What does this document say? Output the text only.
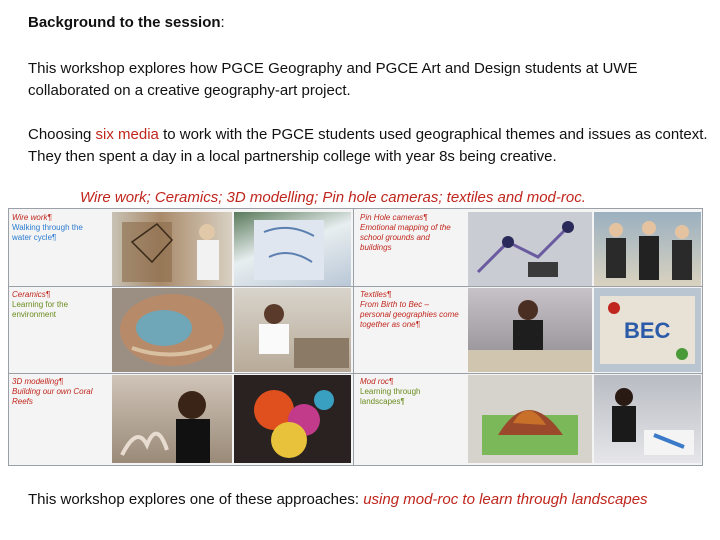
Background to the session:
This workshop explores how PGCE Geography and PGCE Art and Design students at UWE collaborated on a creative geography-art project.
Choosing six media to work with the PGCE students used geographical themes and issues as context. They then spent a day in a local partnership college with year 8s being creative.
Wire work; Ceramics; 3D modelling; Pin hole cameras; textiles and mod-roc.
Wire work¶
Walking through the water cycle¶
Pin Hole cameras¶
Emotional mapping of the school grounds and buildings
Ceramics¶
Learning for the environment
Textiles¶
From Birth to Bec – personal geographies come together as one¶	BEC
3D modelling¶
Building our own Coral Reefs
Mod roc¶
Learning through landscapes¶
This workshop explores one of these approaches: using mod-roc to learn through landscapes
